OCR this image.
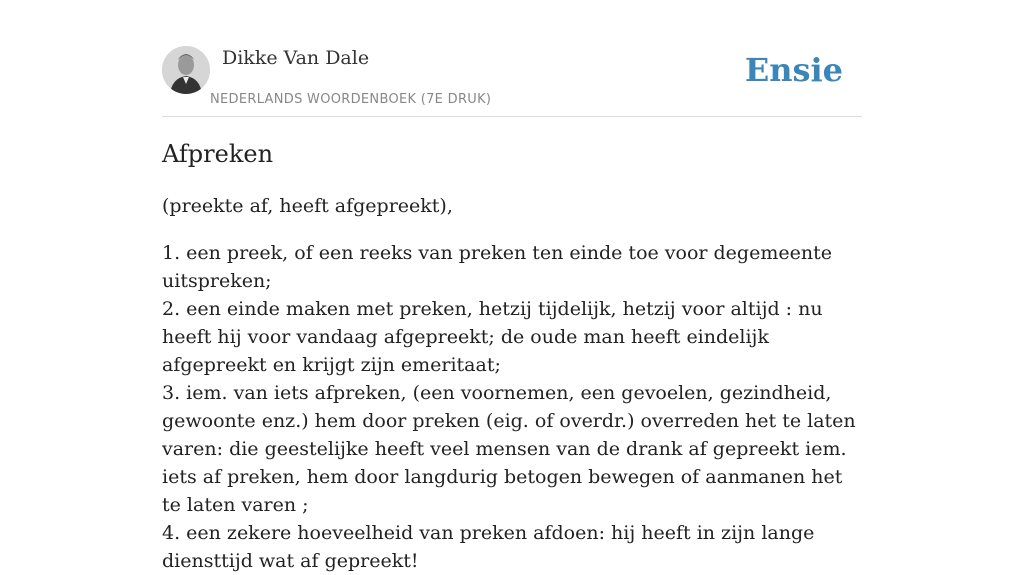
Dikke Van Dale
NEDERLANDS WOORDENBOEK (7E DRUK)
Ensie
Afpreken
(preekte af, heeft afgepreekt),
1. een preek, of een reeks van preken ten einde toe voor degemeente uitspreken;
2. een einde maken met preken, hetzij tijdelijk, hetzij voor altijd : nu heeft hij voor vandaag afgepreekt; de oude man heeft eindelijk afgepreekt en krijgt zijn emeritaat;
3. iem. van iets afpreken, (een voornemen, een gevoelen, gezindheid, gewoonte enz.) hem door preken (eig. of overdr.) overreden het te laten varen: die geestelijke heeft veel mensen van de drank af gepreekt iem. iets af preken, hem door langdurig betogen bewegen of aanmanen het te laten varen ;
4. een zekere hoeveelheid van preken afdoen: hij heeft in zijn lange diensttijd wat af gepreekt!
